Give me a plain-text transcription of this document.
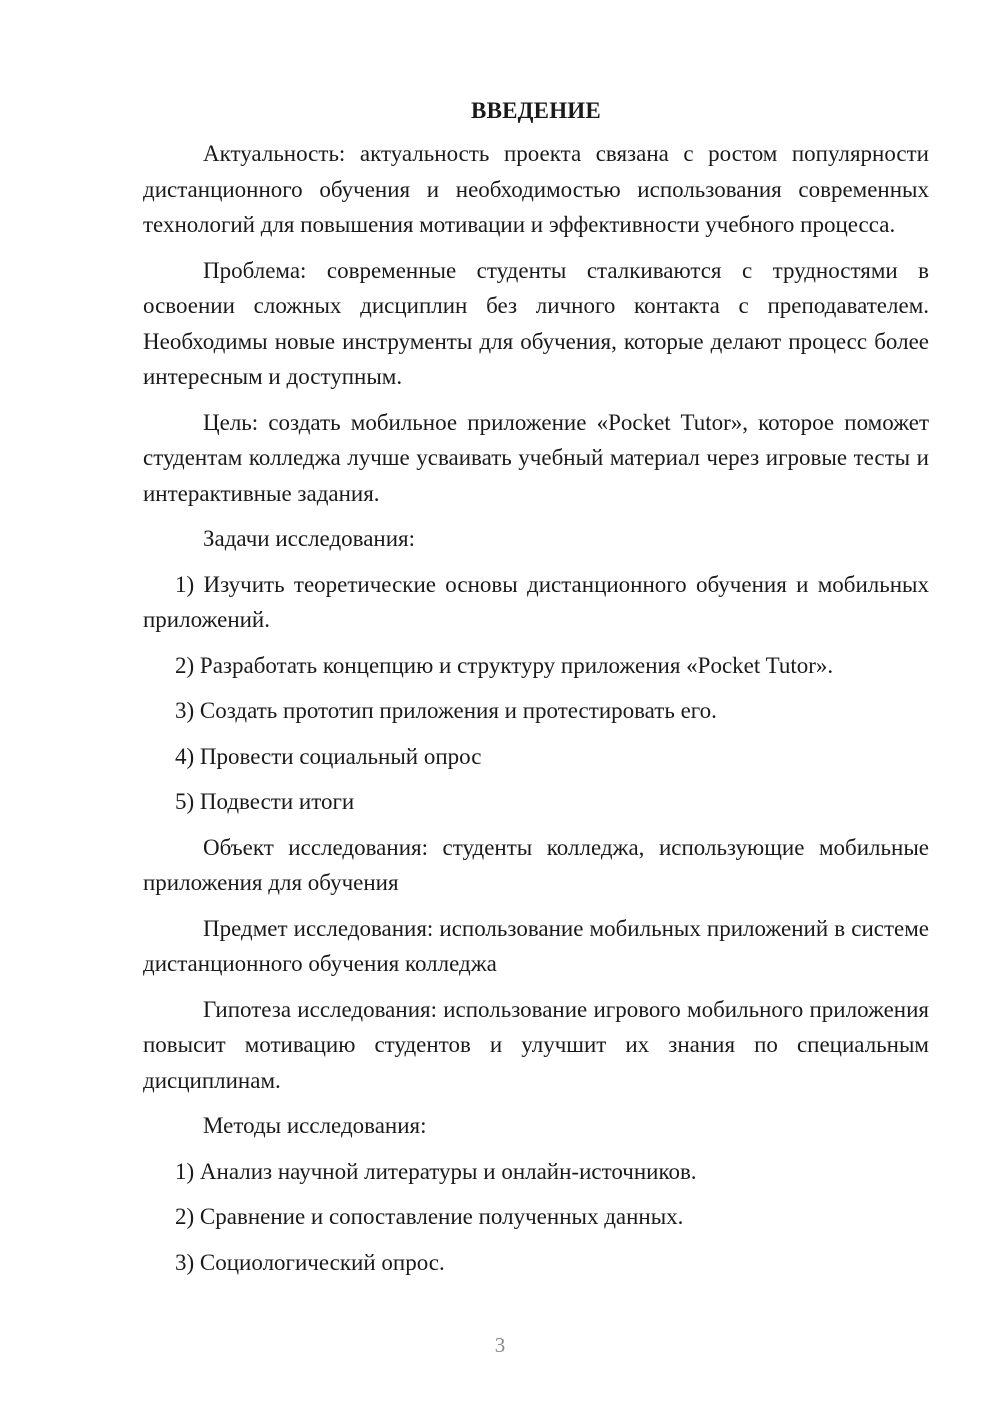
ВВЕДЕНИЕ

Актуальность: актуальность проекта связана с ростом популярности дистанционного обучения и необходимостью использования современных технологий для повышения мотивации и эффективности учебного процесса.

Проблема: современные студенты сталкиваются с трудностями в освоении сложных дисциплин без личного контакта с преподавателем. Необходимы новые инструменты для обучения, которые делают процесс более интересным и доступным.

Цель: создать мобильное приложение «Pocket Tutor», которое поможет студентам колледжа лучше усваивать учебный материал через игровые тесты и интерактивные задания.

Задачи исследования:

1) Изучить теоретические основы дистанционного обучения и мобильных приложений.

2) Разработать концепцию и структуру приложения «Pocket Tutor».

3) Создать прототип приложения и протестировать его.

4) Провести социальный опрос

5) Подвести итоги

Объект исследования: студенты колледжа, использующие мобильные приложения для обучения

Предмет исследования: использование мобильных приложений в системе дистанционного обучения колледжа

Гипотеза исследования: использование игрового мобильного приложения повысит мотивацию студентов и улучшит их знания по специальным дисциплинам.

Методы исследования:

1) Анализ научной литературы и онлайн-источников.

2) Сравнение и сопоставление полученных данных.

3) Социологический опрос.

3
